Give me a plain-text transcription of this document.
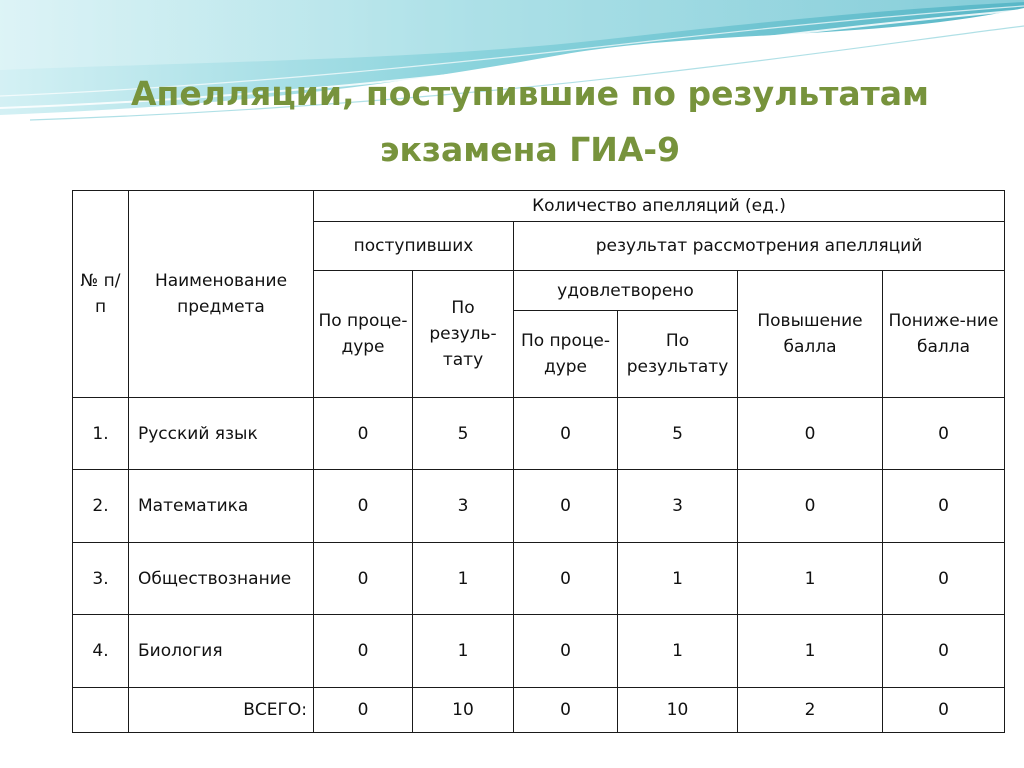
Апелляции, поступившие по результатам
экзамена ГИА-9
№ п/п	Наименование предмета	Количество апелляций (ед.)					
		поступивших		результат рассмотрения апелляций			
		По проце-дуре	По резуль-тату	удовлетворено		Повышение балла	Пониже-ние балла
				По проце-дуре	По результату		
1.	Русский язык	0	5	0	5	0	0
2.	Математика	0	3	0	3	0	0
3.	Обществознание	0	1	0	1	1	0
4.	Биология	0	1	0	1	1	0
	ВСЕГО:	0	10	0	10	2	0
